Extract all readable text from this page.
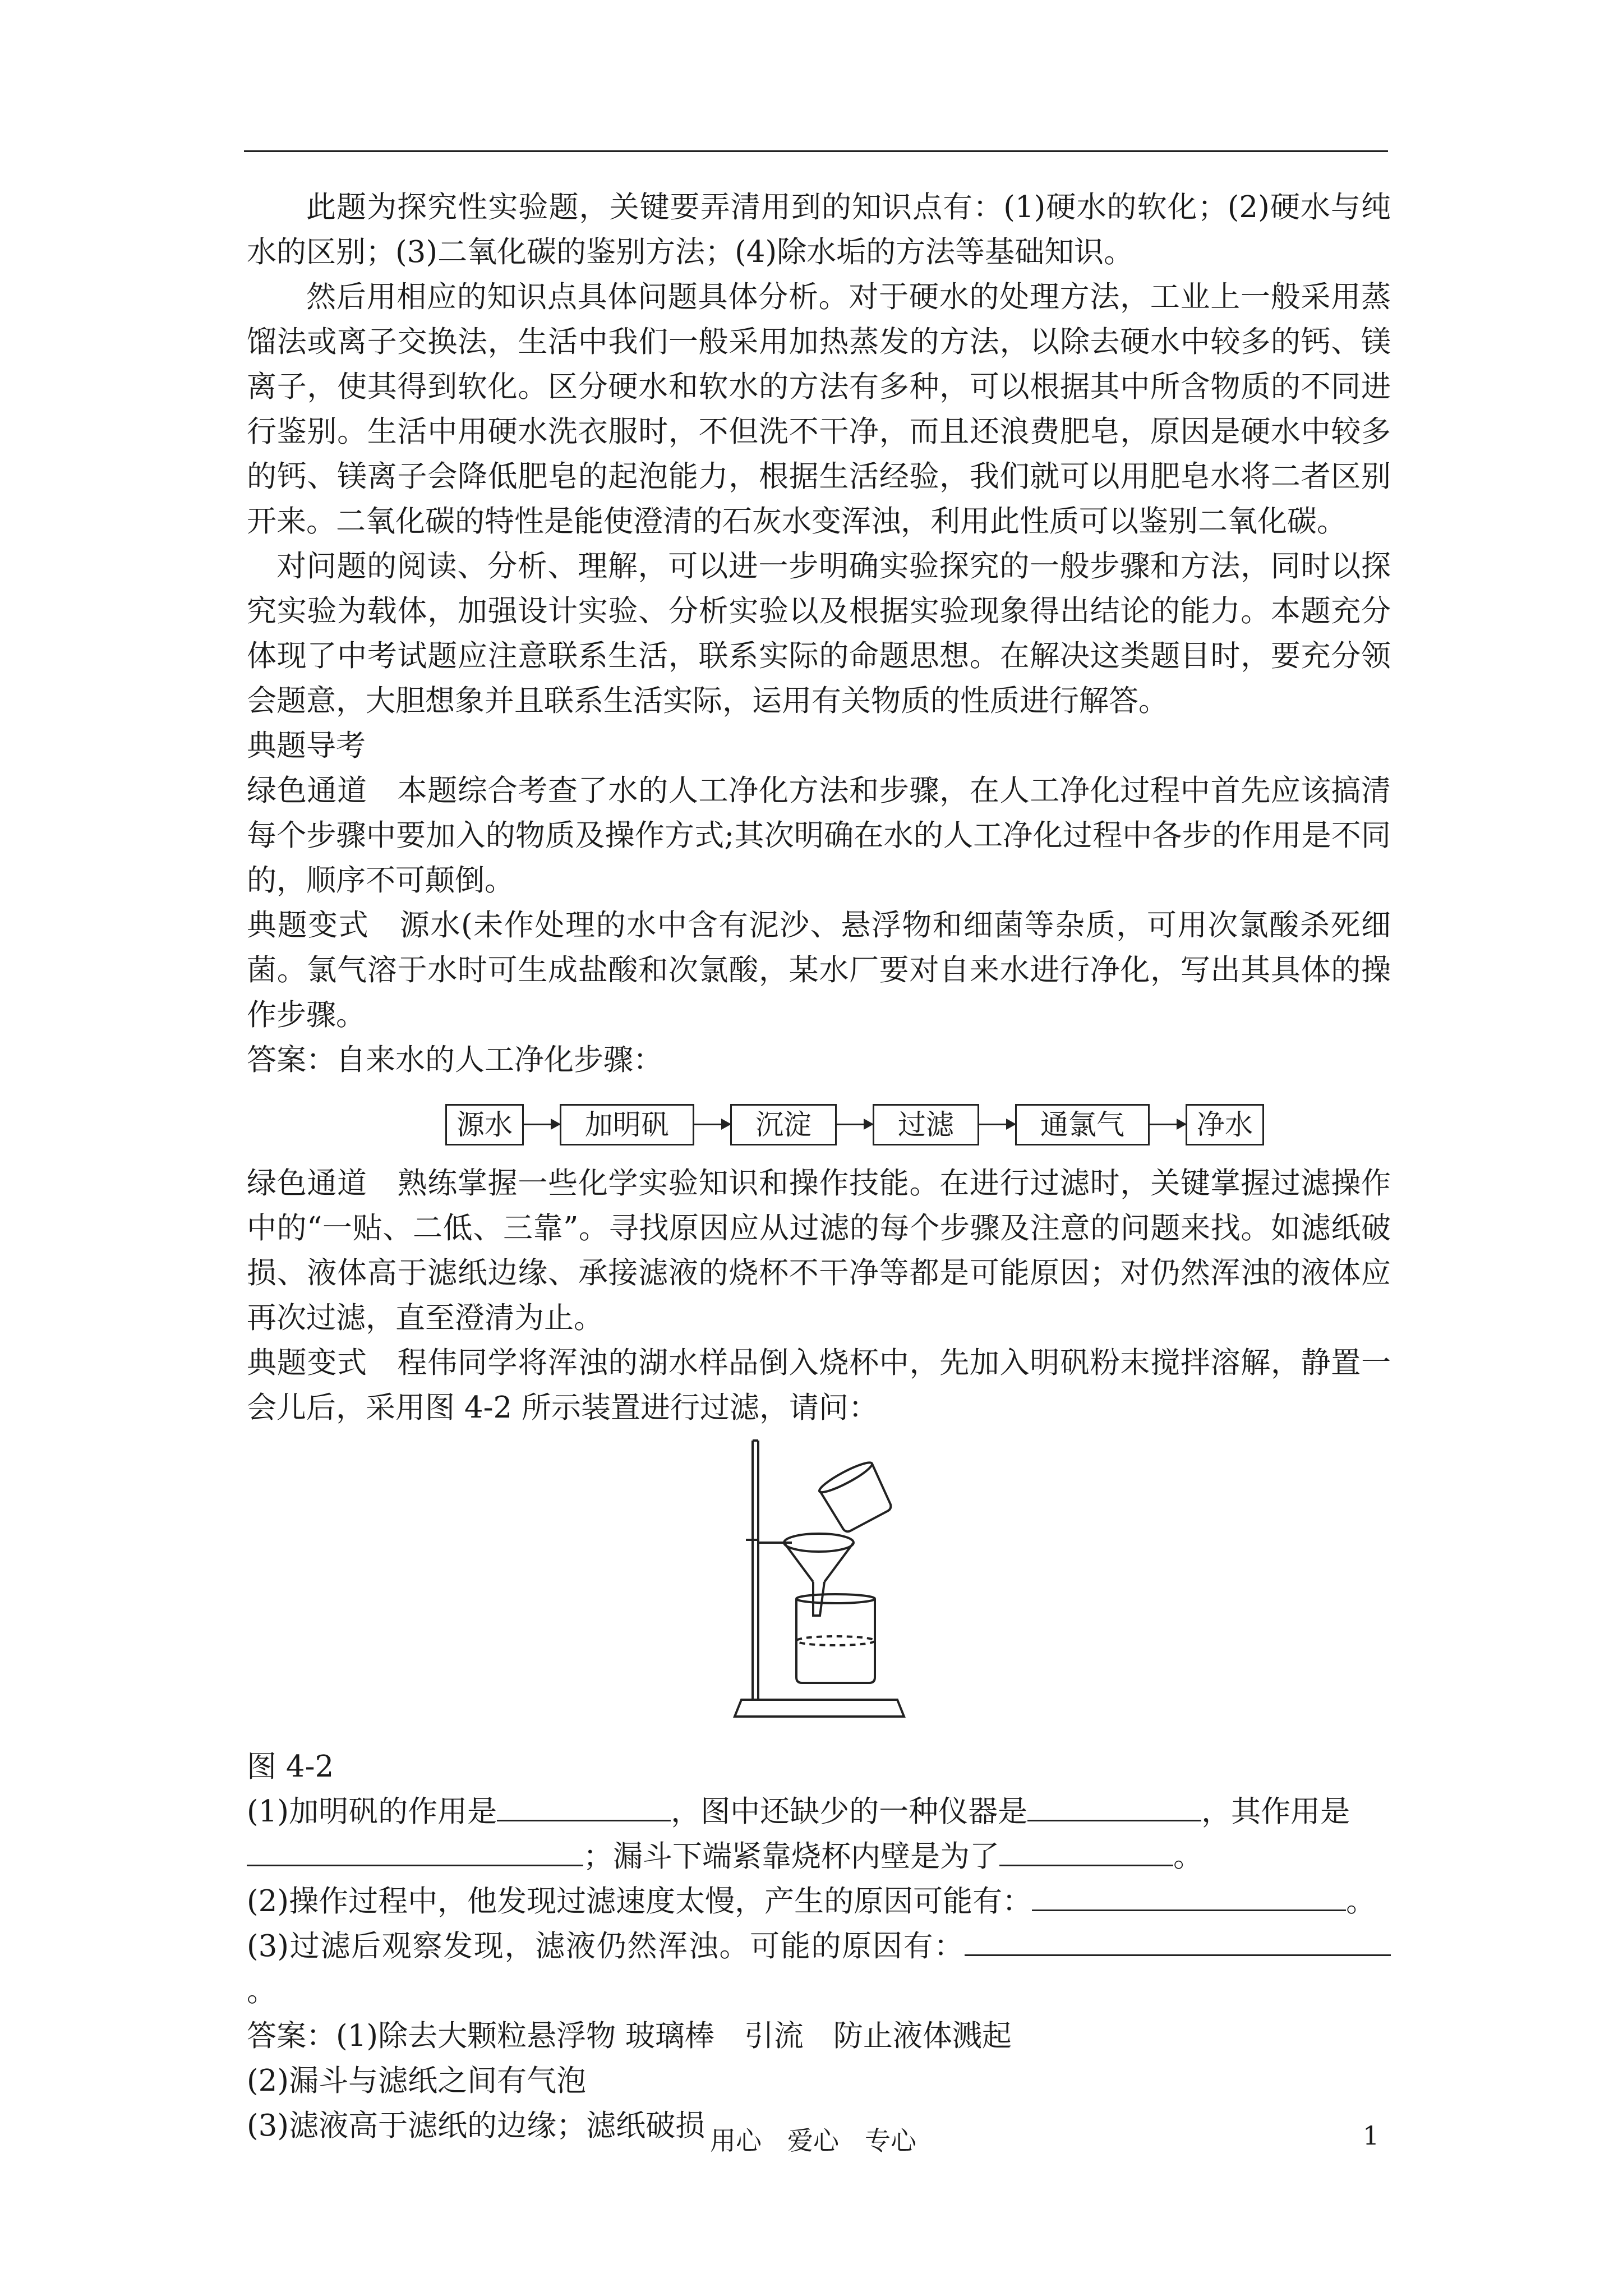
此题为探究性实验题，关键要弄清用到的知识点有：(1)硬水的软化；(2)硬水与纯水的区别；(3)二氧化碳的鉴别方法；(4)除水垢的方法等基础知识。

然后用相应的知识点具体问题具体分析。对于硬水的处理方法，工业上一般采用蒸馏法或离子交换法，生活中我们一般采用加热蒸发的方法，以除去硬水中较多的钙、镁离子，使其得到软化。区分硬水和软水的方法有多种，可以根据其中所含物质的不同进行鉴别。生活中用硬水洗衣服时，不但洗不干净，而且还浪费肥皂，原因是硬水中较多的钙、镁离子会降低肥皂的起泡能力，根据生活经验，我们就可以用肥皂水将二者区别开来。二氧化碳的特性是能使澄清的石灰水变浑浊，利用此性质可以鉴别二氧化碳。

对问题的阅读、分析、理解，可以进一步明确实验探究的一般步骤和方法，同时以探究实验为载体，加强设计实验、分析实验以及根据实验现象得出结论的能力。本题充分体现了中考试题应注意联系生活，联系实际的命题思想。在解决这类题目时，要充分领会题意，大胆想象并且联系生活实际，运用有关物质的性质进行解答。

典题导考

绿色通道　本题综合考查了水的人工净化方法和步骤，在人工净化过程中首先应该搞清每个步骤中要加入的物质及操作方式;其次明确在水的人工净化过程中各步的作用是不同的，顺序不可颠倒。

典题变式　源水(未作处理的水中含有泥沙、悬浮物和细菌等杂质，可用次氯酸杀死细菌。氯气溶于水时可生成盐酸和次氯酸，某水厂要对自来水进行净化，写出其具体的操作步骤。

答案：自来水的人工净化步骤：

源水	加明矾	沉淀	过滤	通氯气	净水

绿色通道　熟练掌握一些化学实验知识和操作技能。在进行过滤时，关键掌握过滤操作中的“一贴、二低、三靠”。寻找原因应从过滤的每个步骤及注意的问题来找。如滤纸破损、液体高于滤纸边缘、承接滤液的烧杯不干净等都是可能原因；对仍然浑浊的液体应再次过滤，直至澄清为止。

典题变式　程伟同学将浑浊的湖水样品倒入烧杯中，先加入明矾粉末搅拌溶解，静置一会儿后，采用图 4-2 所示装置进行过滤，请问：

图 4-2

(1)加明矾的作用是	，图中还缺少的一种仪器是	，其作用是
；漏斗下端紧靠烧杯内壁是为了	。

(2)操作过程中，他发现过滤速度太慢，产生的原因可能有：	。

(3)过滤后观察发现，滤液仍然浑浊。可能的原因有：。

答案：(1)除去大颗粒悬浮物 玻璃棒　引流　防止液体溅起

(2)漏斗与滤纸之间有气泡

(3)滤液高于滤纸的边缘；滤纸破损 用心　爱心　专心	1
